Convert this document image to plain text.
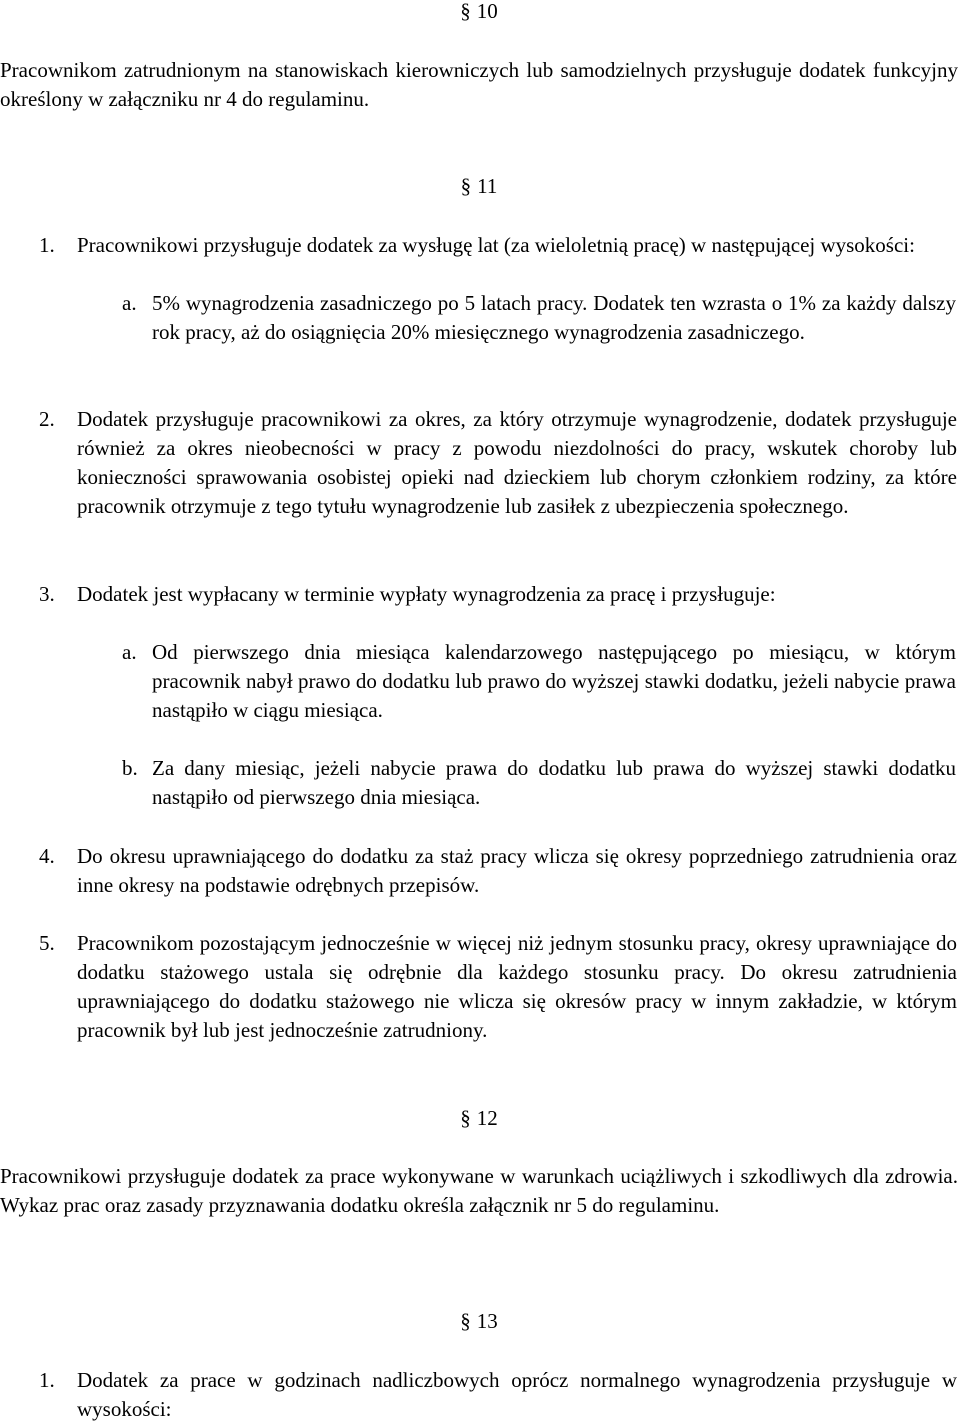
§ 10

Pracownikom zatrudnionym na stanowiskach kierowniczych lub samodzielnych przysługuje dodatek funkcyjny określony w załączniku nr 4 do regulaminu.

§ 11
1. Pracownikowi przysługuje dodatek za wysługę lat (za wieloletnią pracę) w następującej wysokości:
a. 5% wynagrodzenia zasadniczego po 5 latach pracy. Dodatek ten wzrasta o 1% za każdy dalszy rok pracy, aż do osiągnięcia 20% miesięcznego wynagrodzenia zasadniczego.
2. Dodatek przysługuje pracownikowi za okres, za który otrzymuje wynagrodzenie, dodatek przysługuje również za okres nieobecności w pracy z powodu niezdolności do pracy, wskutek choroby lub konieczności sprawowania osobistej opieki nad dzieckiem lub chorym członkiem rodziny, za które pracownik otrzymuje z tego tytułu wynagrodzenie lub zasiłek z ubezpieczenia społecznego.
3. Dodatek jest wypłacany w terminie wypłaty wynagrodzenia za pracę i przysługuje:
a. Od pierwszego dnia miesiąca kalendarzowego następującego po miesiącu, w którym pracownik nabył prawo do dodatku lub prawo do wyższej stawki dodatku, jeżeli nabycie prawa nastąpiło w ciągu miesiąca.
b. Za dany miesiąc, jeżeli nabycie prawa do dodatku lub prawa do wyższej stawki dodatku nastąpiło od pierwszego dnia miesiąca.
4. Do okresu uprawniającego do dodatku za staż pracy wlicza się okresy poprzedniego zatrudnienia oraz inne okresy na podstawie odrębnych przepisów.
5. Pracownikom pozostającym jednocześnie w więcej niż jednym stosunku pracy, okresy uprawniające do dodatku stażowego ustala się odrębnie dla każdego stosunku pracy. Do okresu zatrudnienia uprawniającego do dodatku stażowego nie wlicza się okresów pracy w innym zakładzie, w którym pracownik był lub jest jednocześnie zatrudniony.
§ 12

Pracownikowi przysługuje dodatek za prace wykonywane w warunkach uciążliwych i szkodliwych dla zdrowia. Wykaz prac oraz zasady przyznawania dodatku określa załącznik nr 5 do regulaminu.

§ 13
1. Dodatek za prace w godzinach nadliczbowych oprócz normalnego wynagrodzenia przysługuje w wysokości:
